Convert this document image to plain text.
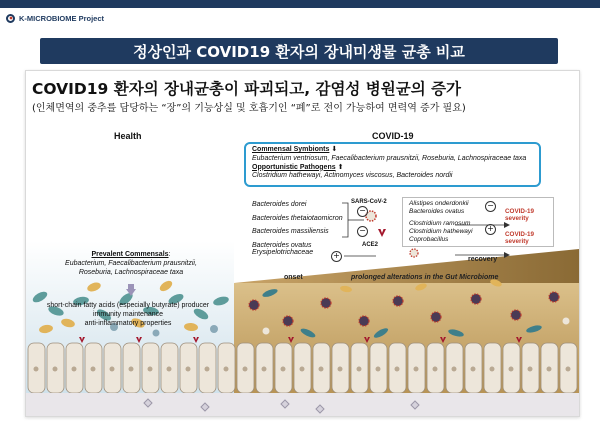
K-MICROBIOME Project
정상인과 COVID19 환자의 장내미생물 균총 비교
COVID19 환자의 장내균총이 파괴되고, 감염성 병원균의 증가
(인체면역의 중추를 담당하는 “장”의 기능상실 및 호흡기인 “폐”로 전이 가능하여 면력역 증가 필요)
Health	COVID-19
Commensal Symbionts ⬇
Eubacterium ventriosum, Faecalibacterium prausnitzii, Roseburia, Lachnospiraceae taxa
Opportunistic Pathogens ⬆
Clostridium hathewayi, Actinomyces viscosus, Bacteroides nordii
Prevalent Commensals:
Eubacterium, Faecalibacterium prausnitzii,
Roseburia, Lachnospiraceae taxa
short-chain fatty acids (especially butyrate) producer
immunity maintenance
anti-inflammatory properties
Bacteroides dorei
Bacteroides thetaiotaomicron
Bacteroides massiliensis
Bacteroides ovatus
Erysipelotrichaceae
−
−
+
SARS-CoV-2
ACE2
Alistipes onderdonkii
Bacteroides ovatus
−
COVID-19 severity
Clostridium ramosum
Clostridium hathewayi
Coprobacillus
+
COVID-19 severity
onset
recovery
prolonged alterations in the Gut Microbiome
